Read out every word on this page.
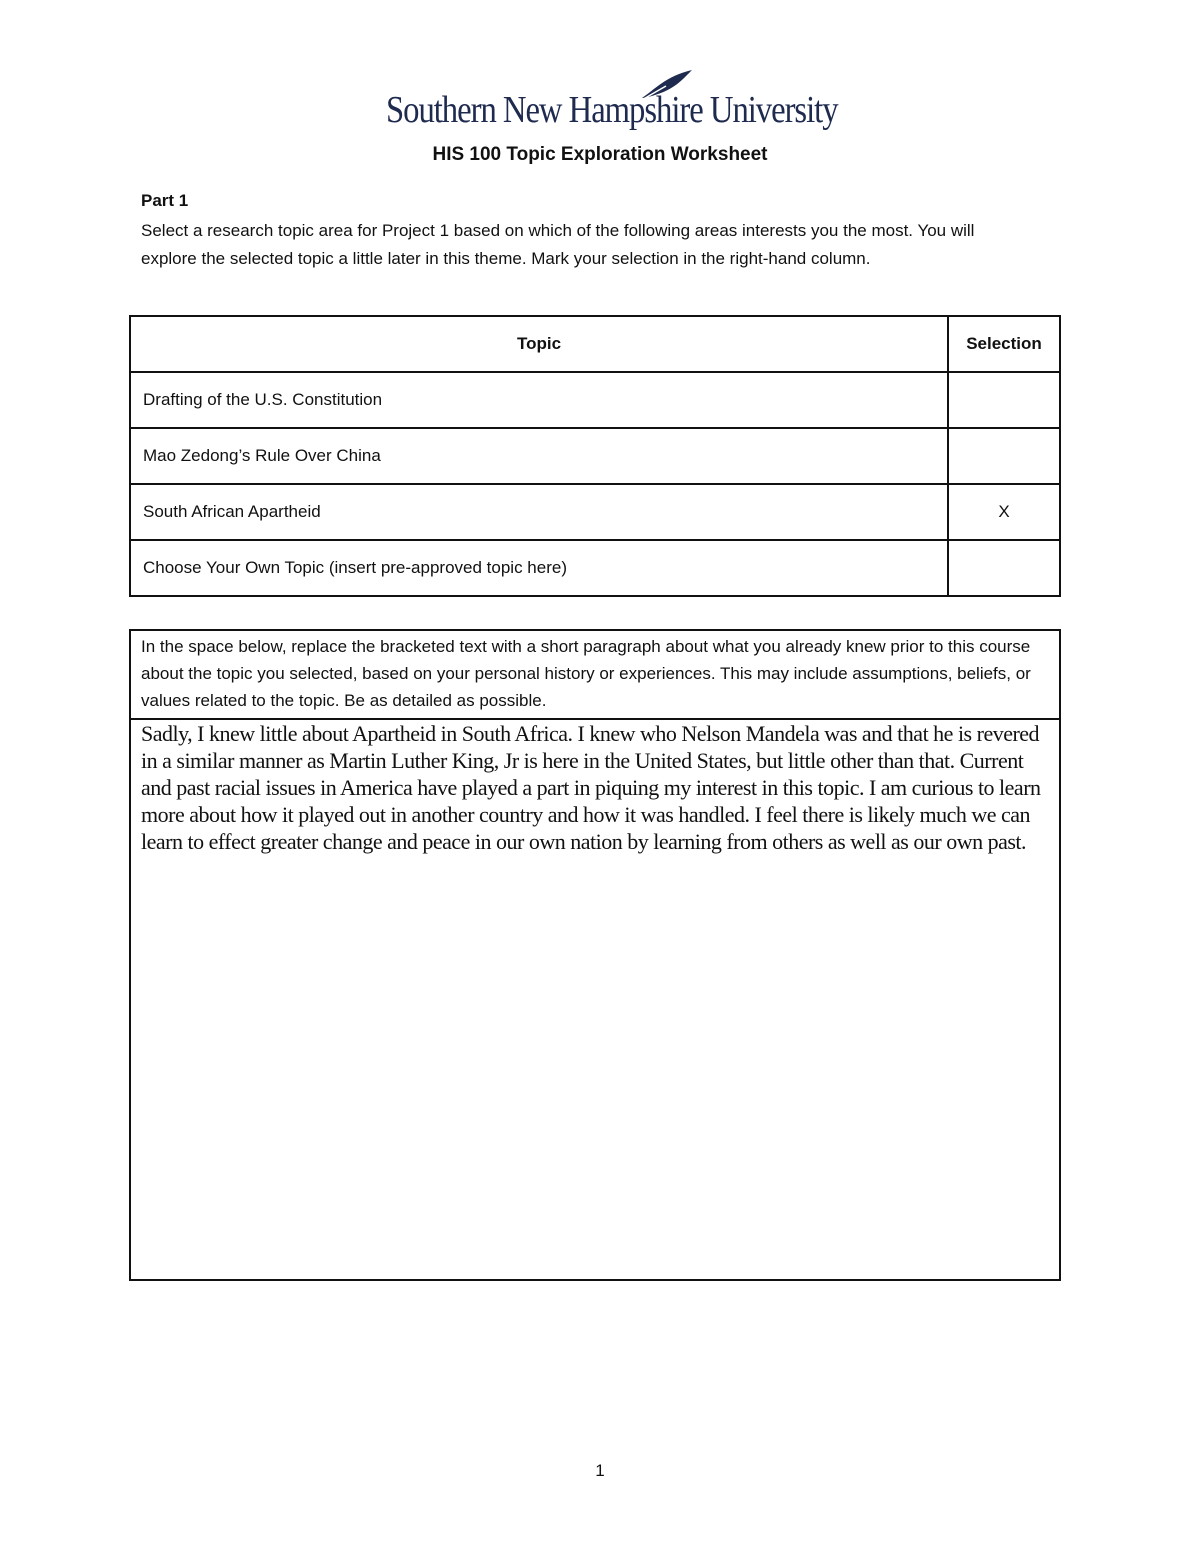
Southern New Hampshire University
HIS 100 Topic Exploration Worksheet
Part 1
Select a research topic area for Project 1 based on which of the following areas interests you the most. You will explore the selected topic a little later in this theme. Mark your selection in the right-hand column.
Topic	Selection
Drafting of the U.S. Constitution	
Mao Zedong’s Rule Over China	
South African Apartheid	X
Choose Your Own Topic (insert pre-approved topic here)	
In the space below, replace the bracketed text with a short paragraph about what you already knew prior to this course about the topic you selected, based on your personal history or experiences. This may include assumptions, beliefs, or values related to the topic. Be as detailed as possible.
Sadly, I knew little about Apartheid in South Africa. I knew who Nelson Mandela was and that he is revered in a similar manner as Martin Luther King, Jr is here in the United States, but little other than that. Current and past racial issues in America have played a part in piquing my interest in this topic. I am curious to learn more about how it played out in another country and how it was handled. I feel there is likely much we can learn to effect greater change and peace in our own nation by learning from others as well as our own past.
1
